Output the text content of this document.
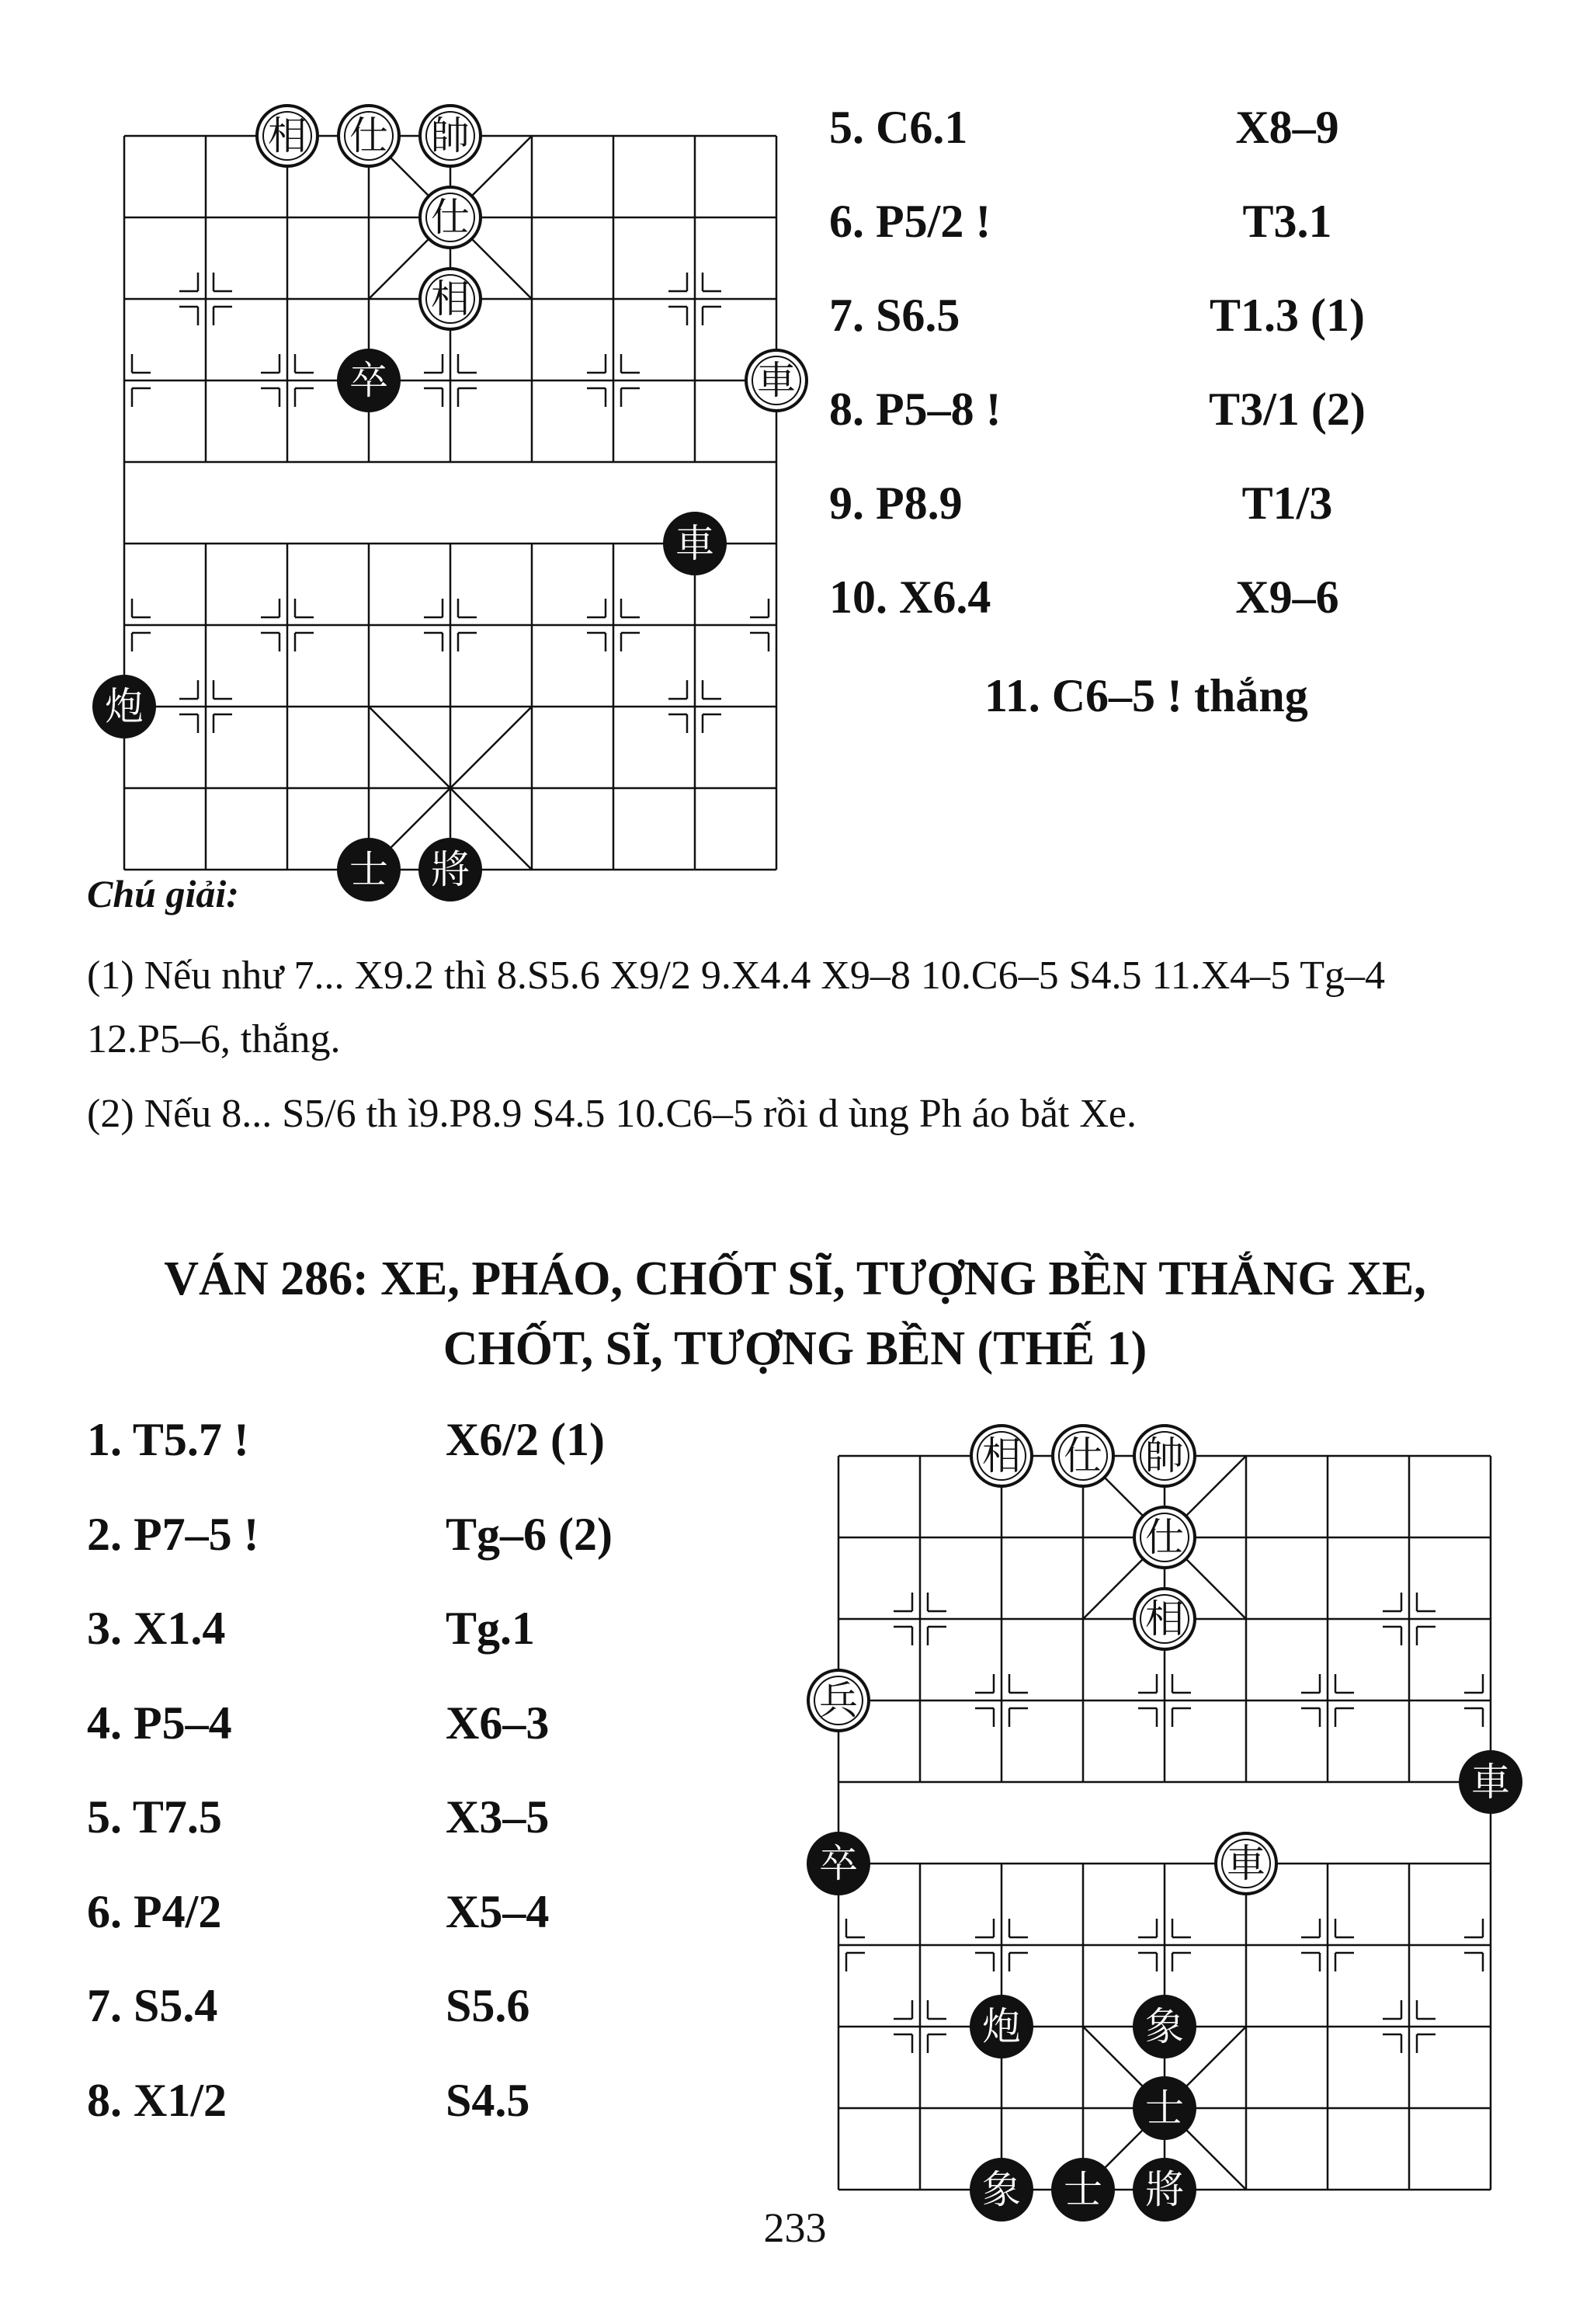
相	仕	帥
仕
相
卒	車
車
炮
士	將
5. C6.1	X8–9
6. P5/2 !	T3.1
7. S6.5	T1.3 (1)
8. P5–8 !	T3/1 (2)
9. P8.9	T1/3
10. X6.4	X9–6
11. C6–5 ! thắng
Chú giải:
(1) Nếu như 7... X9.2 thì 8.S5.6 X9/2 9.X4.4 X9–8 10.C6–5 S4.5 11.X4–5 Tg–4 12.P5–6, thắng.
(2) Nếu 8... S5/6 th ì9.P8.9 S4.5 10.C6–5 rồi d ùng Ph áo bắt Xe.
VÁN 286: XE, PHÁO, CHỐT SĨ, TƯỢNG BỀN THẮNG XE,
CHỐT, SĨ, TƯỢNG BỀN (THẾ 1)
1. T5.7 !	X6/2 (1)
2. P7–5 !	Tg–6 (2)
3. X1.4	Tg.1
4. P5–4	X6–3
5. T7.5	X3–5
6. P4/2	X5–4
7. S5.4	S5.6
8. X1/2	S4.5
相	仕	帥
仕
相
兵
車
卒	車
炮	象
士
象	士	將
233
